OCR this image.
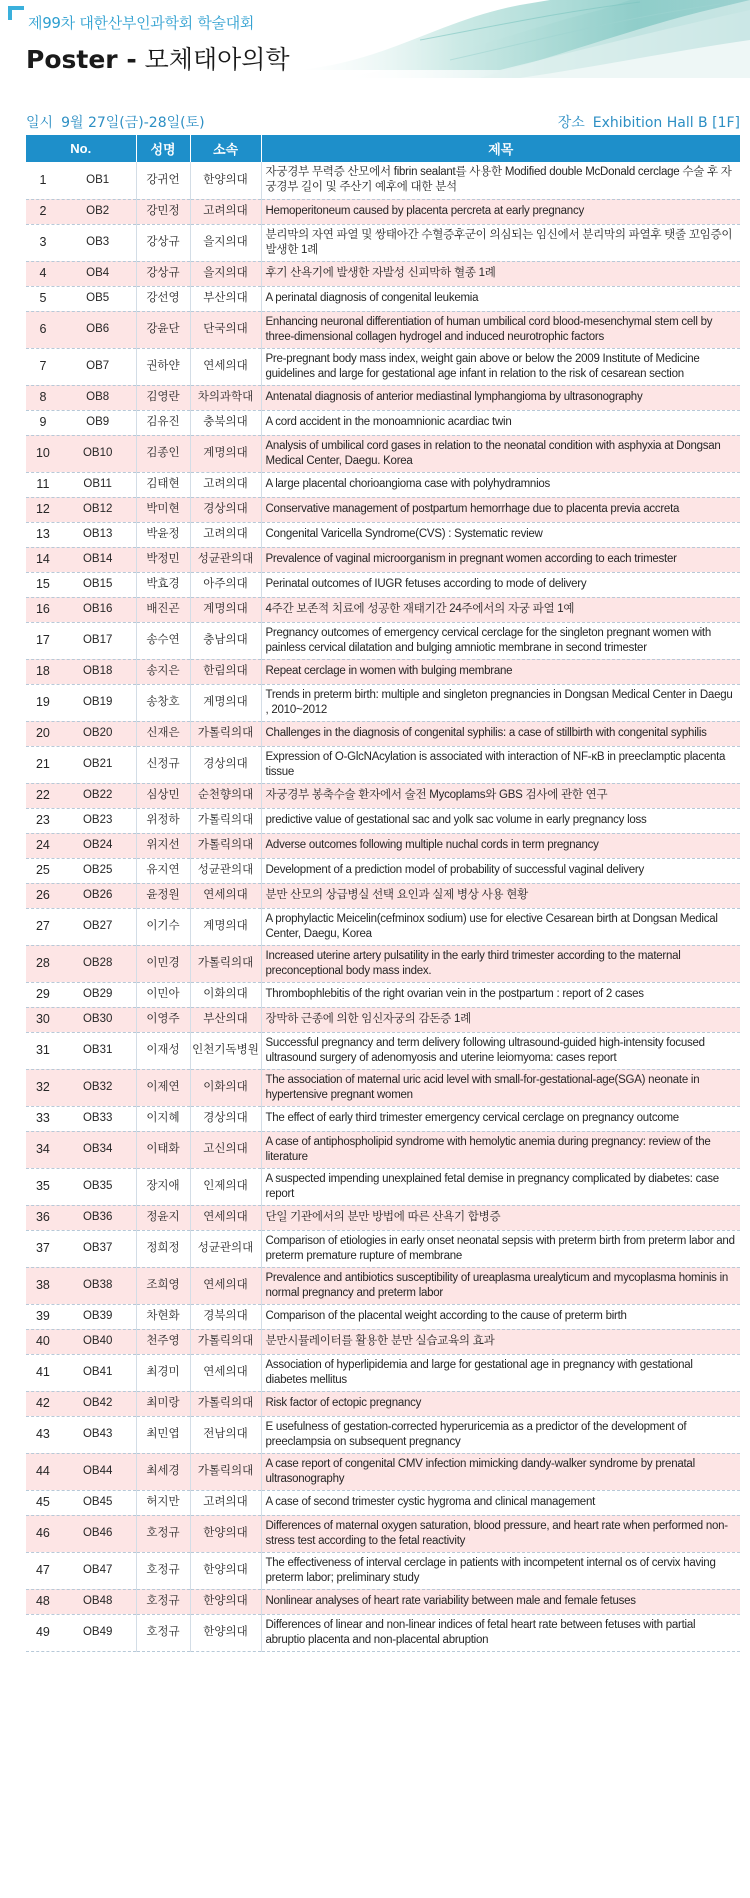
제99차 대한산부인과학회 학술대회
Poster - 모체태아의학
일시 9월 27일(금)-28일(토)	장소 Exhibition Hall B [1F]
No.	성명	소속	제목

1 OB1	강귀언	한양의대	자궁경부 무력증 산모에서 fibrin sealant를 사용한 Modified double McDonald cerclage 수술 후 자궁경부 길이 및 주산기 예후에 대한 분석

2 OB2	강민정	고려의대	Hemoperitoneum caused by placenta percreta at early pregnancy

3 OB3	강상규	을지의대	분리막의 자연 파열 및 쌍태아간 수혈증후군이 의심되는 임신에서 분리막의 파열후 탯줄 꼬임증이 발생한 1례

4 OB4	강상규	을지의대	후기 산욕기에 발생한 자발성 신피막하 혈종 1례

5 OB5	강선영	부산의대	A perinatal diagnosis of congenital leukemia

6 OB6	강윤단	단국의대	Enhancing neuronal differentiation of human umbilical cord blood-mesenchymal stem cell by three-dimensional collagen hydrogel and induced neurotrophic factors

7 OB7	권하얀	연세의대	Pre-pregnant body mass index, weight gain above or below the 2009 Institute of Medicine guidelines and large for gestational age infant in relation to the risk of cesarean section

8 OB8	김영란	차의과학대	Antenatal diagnosis of anterior mediastinal lymphangioma by ultrasonography

9 OB9	김유진	충북의대	A cord accident in the monoamnionic acardiac twin

10 OB10	김종인	계명의대	Analysis of umbilical cord gases in relation to the neonatal condition with asphyxia at Dongsan Medical Center, Daegu. Korea

11 OB11	김태현	고려의대	A large placental chorioangioma case with polyhydramnios

12 OB12	박미현	경상의대	Conservative management of postpartum hemorrhage due to placenta previa accreta

13 OB13	박윤정	고려의대	Congenital Varicella Syndrome(CVS) : Systematic review

14 OB14	박정민	성균관의대	Prevalence of vaginal microorganism in pregnant women according to each trimester

15 OB15	박효경	아주의대	Perinatal outcomes of IUGR fetuses according to mode of delivery

16 OB16	배진곤	계명의대	4주간 보존적 치료에 성공한 재태기간 24주에서의 자궁 파열 1예

17 OB17	송수연	충남의대	Pregnancy outcomes of emergency cervical cerclage for the singleton pregnant women with painless cervical dilatation and bulging amniotic membrane in second trimester

18 OB18	송지은	한림의대	Repeat cerclage in women with bulging membrane

19 OB19	송창호	계명의대	Trends in preterm birth: multiple and singleton pregnancies in Dongsan Medical Center in Daegu , 2010~2012

20 OB20	신재은	가톨릭의대	Challenges in the diagnosis of congenital syphilis: a case of stillbirth with congenital syphilis

21 OB21	신정규	경상의대	Expression of O-GlcNAcylation is associated with interaction of NF-κB in preeclamptic placenta tissue

22 OB22	심상민	순천향의대	자궁경부 봉축수술 환자에서 술전 Mycoplams와 GBS 검사에 관한 연구

23 OB23	위정하	가톨릭의대	predictive value of gestational sac and yolk sac volume in early pregnancy loss

24 OB24	위지선	가톨릭의대	Adverse outcomes following multiple nuchal cords in term pregnancy

25 OB25	유지연	성균관의대	Development of a prediction model of probability of successful vaginal delivery

26 OB26	윤정원	연세의대	분만 산모의 상급병실 선택 요인과 실제 병상 사용 현황

27 OB27	이기수	계명의대	A prophylactic Meicelin(cefminox sodium) use for elective Cesarean birth at Dongsan Medical Center, Daegu, Korea

28 OB28	이민경	가톨릭의대	Increased uterine artery pulsatility in the early third trimester according to the maternal preconceptional body mass index.

29 OB29	이민아	이화의대	Thrombophlebitis of the right ovarian vein in the postpartum : report of 2 cases

30 OB30	이영주	부산의대	장막하 근종에 의한 임신자궁의 감돈증 1례

31 OB31	이재성	인천기독병원	Successful pregnancy and term delivery following ultrasound-guided high-intensity focused ultrasound surgery of adenomyosis and uterine leiomyoma: cases report

32 OB32	이제연	이화의대	The association of maternal uric acid level with small-for-gestational-age(SGA) neonate in hypertensive pregnant women

33 OB33	이지혜	경상의대	The effect of early third trimester emergency cervical cerclage on pregnancy outcome

34 OB34	이태화	고신의대	A case of antiphospholipid syndrome with hemolytic anemia during pregnancy: review of the literature

35 OB35	장지애	인제의대	A suspected impending unexplained fetal demise in pregnancy complicated by diabetes: case report

36 OB36	정윤지	연세의대	단일 기관에서의 분만 방법에 따른 산욕기 합병증

37 OB37	정희정	성균관의대	Comparison of etiologies in early onset neonatal sepsis with preterm birth from preterm labor and preterm premature rupture of membrane

38 OB38	조희영	연세의대	Prevalence and antibiotics susceptibility of ureaplasma urealyticum and mycoplasma hominis in normal pregnancy and preterm labor

39 OB39	차현화	경북의대	Comparison of the placental weight according to the cause of preterm birth

40 OB40	천주영	가톨릭의대	분만시뮬레이터를 활용한 분만 실습교육의 효과

41 OB41	최경미	연세의대	Association of hyperlipidemia and large for gestational age in pregnancy with gestational diabetes mellitus

42 OB42	최미랑	가톨릭의대	Risk factor of ectopic pregnancy

43 OB43	최민엽	전남의대	E usefulness of gestation-corrected hyperuricemia as a predictor of the development of preeclampsia on subsequent pregnancy

44 OB44	최세경	가톨릭의대	A case report of congenital CMV infection mimicking dandy-walker syndrome by prenatal ultrasonography

45 OB45	허지만	고려의대	A case of second trimester cystic hygroma and clinical management

46 OB46	호정규	한양의대	Differences of maternal oxygen saturation, blood pressure, and heart rate when performed non-stress test according to the fetal reactivity

47 OB47	호정규	한양의대	The effectiveness of interval cerclage in patients with incompetent internal os of cervix having preterm labor; preliminary study

48 OB48	호정규	한양의대	Nonlinear analyses of heart rate variability between male and female fetuses

49 OB49	호정규	한양의대	Differences of linear and non-linear indices of fetal heart rate between fetuses with partial abruptio placenta and non-placental abruption
